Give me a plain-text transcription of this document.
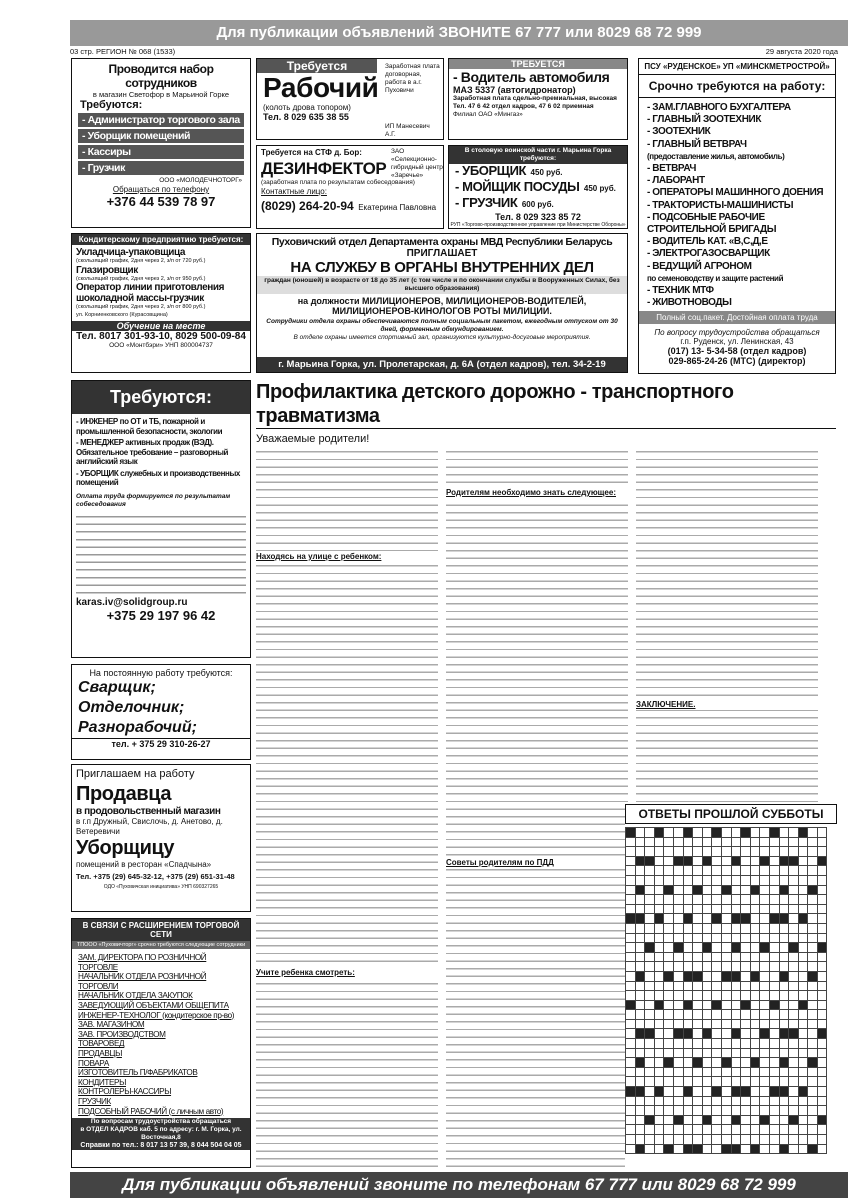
Для публикации объявлений ЗВОНИТЕ 67 777 или 8029 68 72 999
03 стр. РЕГИОН № 068 (1533)	29 августа 2020 года
Проводится набор сотрудников
в магазин Светофор в Марьиной Горке
Требуются:
- Администратор торгового зала
- Уборщик помещений
- Кассиры
- Грузчик
ООО «МОЛОДЕЧНОТОРГ»
Обращаться по телефону
+376 44 539 78 97
Требуется
Рабочий
(колоть дрова топором)
Тел. 8 029 635 38 55
Заработная плата договорная, работа в а.г. Пуховичи
ИП Манесевич А.Г.
ТРЕБУЕТСЯ
- Водитель автомобиля
МАЗ 5337 (автогидронатор)
Заработная плата сдельно-премиальная, высокая
Тел. 47 6 42 отдел кадров, 47 6 02 приемная
Филиал ОАО «Мингаз»
Требуется на СТФ д. Бор:	ЗАО «Селекционно-гибридный центр «Заречье»
ДЕЗИНФЕКТОР
(заработная плата по результатам собеседования)
Контактные лицо:
(8029) 264-20-94 Екатерина Павловна
В столовую воинской части г. Марьина Горка требуются:
- УБОРЩИК 450 руб.
- МОЙЩИК ПОСУДЫ 450 руб.
- ГРУЗЧИК 600 руб.
Тел. 8 029 323 85 72
РУП «Торгово-производственное управление при Министерстве Обороны»
ПСУ «РУДЕНСКОЕ» УП «МИНСКМЕТРОСТРОЙ»
Срочно требуются на работу:
- ЗАМ.ГЛАВНОГО БУХГАЛТЕРА
- ГЛАВНЫЙ ЗООТЕХНИК
- ЗООТЕХНИК
- ГЛАВНЫЙ ВЕТВРАЧ
(предоставление жилья, автомобиль)
- ВЕТВРАЧ
- ЛАБОРАНТ
- ОПЕРАТОРЫ МАШИННОГО ДОЕНИЯ
- ТРАКТОРИСТЫ-МАШИНИСТЫ
- ПОДСОБНЫЕ РАБОЧИЕ
СТРОИТЕЛЬНОЙ БРИГАДЫ
- ВОДИТЕЛЬ КАТ. «В,С,Д,Е
- ЭЛЕКТРОГАЗОСВАРЩИК
- ВЕДУЩИЙ АГРОНОМ
по семеноводству и защите растений
- ТЕХНИК МТФ
- ЖИВОТНОВОДЫ
Полный соц.пакет. Достойная оплата труда
По вопросу трудоустройства обращаться
г.п. Руденск, ул. Ленинская, 43
(017) 13- 5-34-58 (отдел кадров)
029-865-24-26 (МТС) (директор)
Кондитерскому предприятию требуются:
Укладчица-упаковщица
(скользящий график, 2дня через 2, з/п от 720 руб.)
Глазировщик
(скользящий график, 2дня через 2, з/п от 950 руб.)
Оператор линии приготовления шоколадной массы-грузчик
(скользящий график, 2дня через 2, з/п от 800 руб.)
ул. Корниенковского (Курасовщина)
Обучение на месте
Тел. 8017 301-93-10, 8029 500-09-84
ООО «Монтбэри» УНП 800004737
Пуховичский отдел Департамента охраны МВД Республики Беларусь
ПРИГЛАШАЕТ
НА СЛУЖБУ В ОРГАНЫ ВНУТРЕННИХ ДЕЛ
граждан (юношей) в возрасте от 18 до 35 лет (с том числе и по окончании службы в Вооруженных Силах, без высшего образования)
на должности МИЛИЦИОНЕРОВ, МИЛИЦИОНЕРОВ-ВОДИТЕЛЕЙ, МИЛИЦИОНЕРОВ-КИНОЛОГОВ РОТЫ МИЛИЦИИ.
Сотрудники отдела охраны обеспечиваются полным социальным пакетом, ежегодным отпуском от 30 дней, форменным обмундированием.
В отделе охраны имеется спортивный зал, организуются культурно-досуговые мероприятия.
г. Марьина Горка, ул. Пролетарская, д. 6А (отдел кадров), тел. 34-2-19
Требуются:
- ИНЖЕНЕР по ОТ и ТБ, пожарной и промышленной безопасности, экологии
- МЕНЕДЖЕР активных продаж (ВЭД). Обязательное требование – разговорный английский язык
- УБОРЩИК служебных и производственных помещений
Оплата труда формируется по результатам собеседования
karas.iv@solidgroup.ru
+375 29 197 96 42
На постоянную работу требуются:
Сварщик;
Отделочник;
Разнорабочий;
тел. + 375 29 310-26-27
Приглашаем на работу
Продавца
в продовольственный магазин
в г.п Дружный, Свислочь, д. Анетово, д. Ветеревичи
Уборщицу
помещений в ресторан «Спадчына»
Тел. +375 (29) 645-32-12, +375 (29) 651-31-48
ОДО «Пуховичская инициатива» УНП 690327265
В СВЯЗИ С РАСШИРЕНИЕМ ТОРГОВОЙ СЕТИ
ТПООО «Пуховичторг» срочно требуются следующие сотрудники
ЗАМ. ДИРЕКТОРА ПО РОЗНИЧНОЙ ТОРГОВЛЕ
НАЧАЛЬНИК ОТДЕЛА РОЗНИЧНОЙ ТОРГОВЛИ
НАЧАЛЬНИК ОТДЕЛА ЗАКУПОК
ЗАВЕДУЮЩИЙ ОБЪЕКТАМИ ОБЩЕПИТА
ИНЖЕНЕР-ТЕХНОЛОГ (кондитерское пр-во)
ЗАВ. МАГАЗИНОМ
ЗАВ. ПРОИЗВОДСТВОМ
ТОВАРОВЕД
ПРОДАВЦЫ
ПОВАРА
ИЗГОТОВИТЕЛЬ П/ФАБРИКАТОВ
КОНДИТЕРЫ
КОНТРОЛЕРЫ-КАССИРЫ
ГРУЗЧИК
ПОДСОБНЫЙ РАБОЧИЙ (с личным авто)
По вопросам трудоустройства обращаться
в ОТДЕЛ КАДРОВ каб. 5 по адресу: г. М. Горка, ул. Восточная,8
Справки по тел.: 8 017 13 57 39, 8 044 504 04 05
Профилактика детского дорожно - транспортного травматизма
Уважаемые родители!
Находясь на улице с ребенком:
Учите ребенка смотреть:
Родителям необходимо знать следующее:
Советы родителям по ПДД
ЗАКЛЮЧЕНИЕ.
ОТВЕТЫ ПРОШЛОЙ СУББОТЫ

Для публикации объявлений звоните по телефонам 67 777 или 8029 68 72 999
